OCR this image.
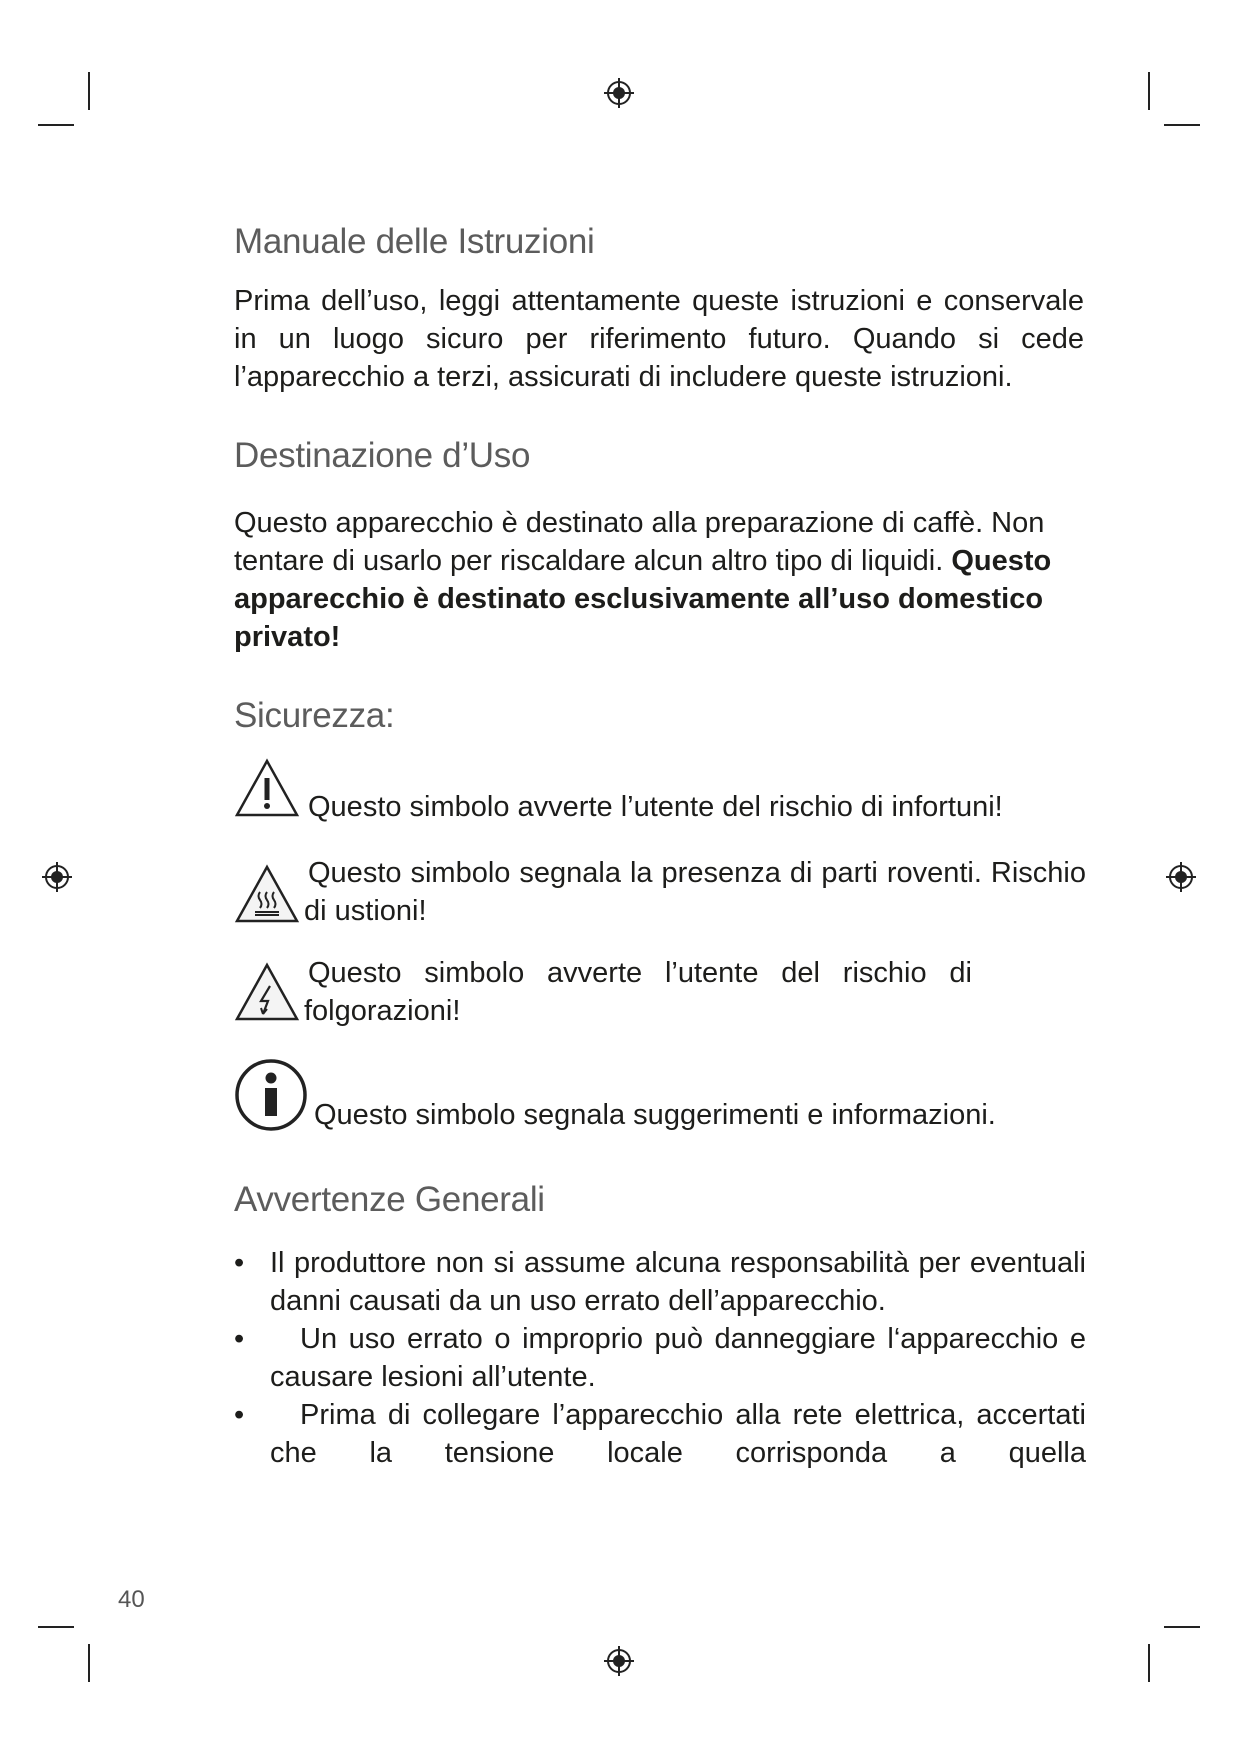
Manuale delle Istruzioni

Prima dell’uso, leggi attentamente queste istruzioni e conservale in un luogo sicuro per riferimento futuro. Quando si cede l’apparecchio a terzi, assicurati di includere queste istruzioni.

Destinazione d’Uso

Questo apparecchio è destinato alla preparazione di caffè. Non tentare di usarlo per riscaldare alcun altro tipo di liquidi. Questo apparecchio è destinato esclusivamente all’uso domestico privato!

Sicurezza:
Questo simbolo avverte l’utente del rischio di infortuni!
Questo simbolo segnala la presenza di parti roventi. Rischio di ustioni!
Questo simbolo avverte l’utente del rischio di folgorazioni!
Questo simbolo segnala suggerimenti e informazioni.
Avvertenze Generali
• Il produttore non si assume alcuna responsabilità per eventuali danni causati da un uso errato dell’apparecchio.
• Un uso errato o improprio può danneggiare l‘apparecchio e causare lesioni all’utente.
• Prima di collegare l’apparecchio alla rete elettrica, accertati che la tensione locale corrisponda a quella
40
